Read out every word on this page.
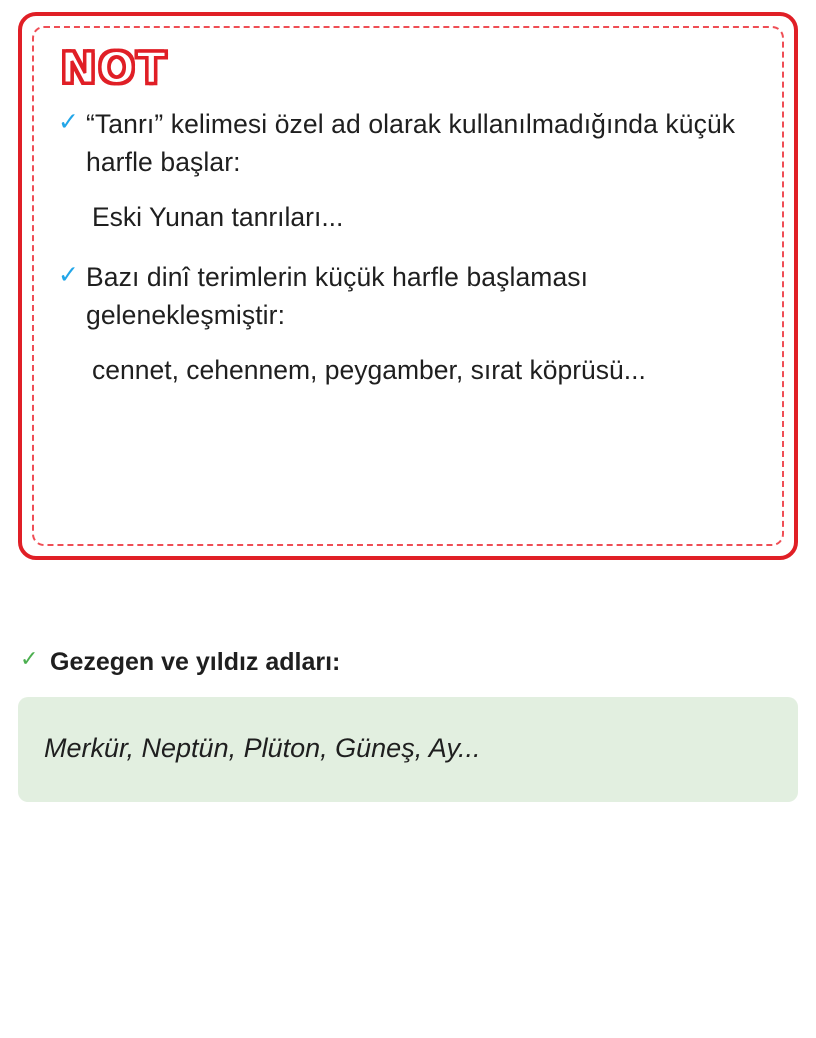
NOT
✓ “Tanrı” kelimesi özel ad olarak kullanılmadığında küçük harfle başlar:
Eski Yunan tanrıları...
✓ Bazı dinî terimlerin küçük harfle başlaması gelenekleşmiştir:
cennet, cehennem, peygamber, sırat köprüsü...
✓ Gezegen ve yıldız adları:
Merkür, Neptün, Plüton, Güneş, Ay...
